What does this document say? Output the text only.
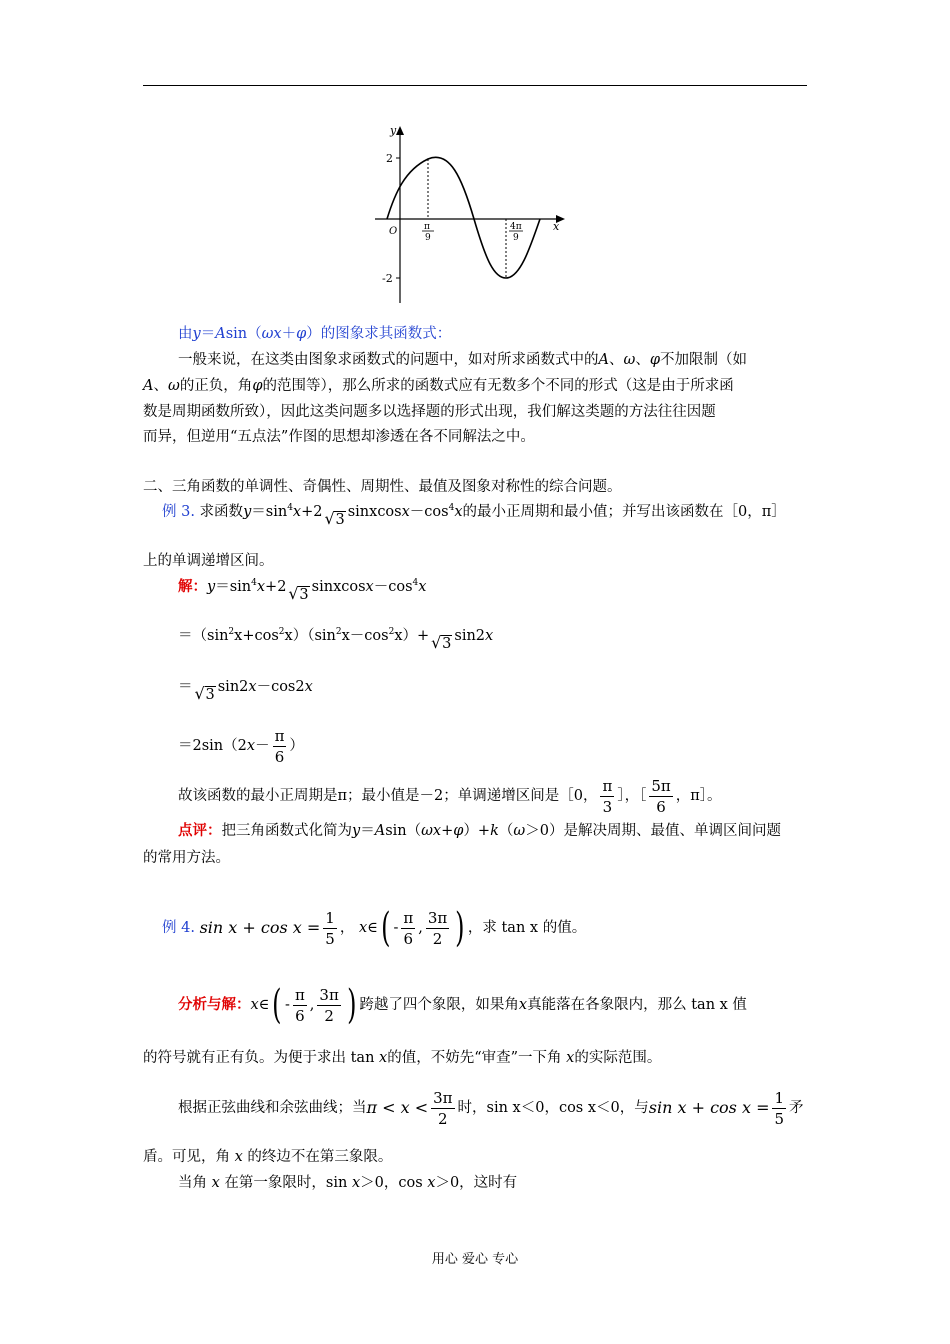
y
x
O
2
-2
π
9
4π
9
由y＝Asin（ωx＋φ）的图象求其函数式：
一般来说，在这类由图象求函数式的问题中，如对所求函数式中的A、ω、φ不加限制（如
A、ω的正负，角φ的范围等），那么所求的函数式应有无数多个不同的形式（这是由于所求函
数是周期函数所致），因此这类问题多以选择题的形式出现，我们解这类题的方法往往因题
而异，但逆用“五点法”作图的思想却渗透在各不同解法之中。
二、三角函数的单调性、奇偶性、周期性、最值及图象对称性的综合问题。
例 3. 求函数$y=\sin^4x+2√$ 3 $sinxcosx-\cos^4x$的最小正周期和最小值；并写出该函数在［0，π］
上的单调递增区间。
解：$y=\sin^4x+2√$ 3 $sinxcosx-\cos^4x$
$=(\sin^2x+\cos^2x)(\sin^2x-\cos^2x)+√$ 3 sin2x
＝√ 3 sin2x－cos2x
$=2\sin(2x- \frac{\pi}{6}$ ）
故该函数的最小正周期是π；最小值是－2；单调递增区间是［0， $\frac{\pi}{3}$ ］，［ $\frac{5\pi}{6}$ ，π］。
点评：把三角函数式化简为y＝Asin（ωx+φ）+k（ω＞0）是解决周期、最值、单调区间问题
的常用方法。
例 4. $\sin x + \cos x = \frac{1}{5}$ ， x∈( - $\frac{\pi}{6}$ , $\frac{3\pi}{2}$ ) ，求 tan x 的值。
分析与解：x∈( - $\frac{\pi}{6}$ , $\frac{3\pi}{2}$ ) 跨越了四个象限，如果角x真能落在各象限内，那么 tan x 值
的符号就有正有负。为便于求出 tan x的值，不妨先“审查”一下角 x的实际范围。
根据正弦曲线和余弦曲线；当$\pi < x < \frac{3\pi}{2}$ 时，sin x＜0，cos x＜0，与$\sin x + \cos x = \frac{1}{5}$ 矛
盾。可见，角 x 的终边不在第三象限。
当角 x 在第一象限时，sin x＞0，cos x＞0，这时有
用心 爱心 专心
